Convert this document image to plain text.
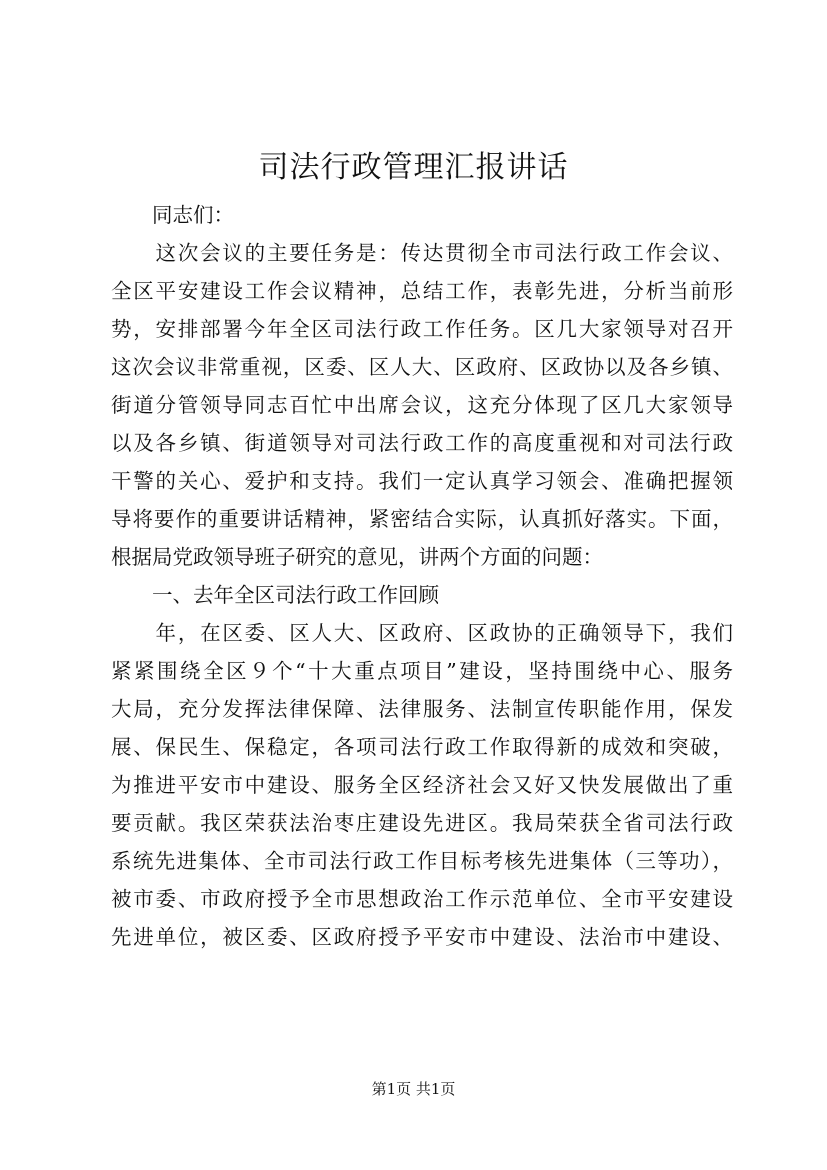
司法行政管理汇报讲话
　　同志们：
　　这次会议的主要任务是：传达贯彻全市司法行政工作会议、
全区平安建设工作会议精神，总结工作，表彰先进，分析当前形
势，安排部署今年全区司法行政工作任务。区几大家领导对召开
这次会议非常重视，区委、区人大、区政府、区政协以及各乡镇、
街道分管领导同志百忙中出席会议，这充分体现了区几大家领导
以及各乡镇、街道领导对司法行政工作的高度重视和对司法行政
干警的关心、爱护和支持。我们一定认真学习领会、准确把握领
导将要作的重要讲话精神，紧密结合实际，认真抓好落实。下面，
根据局党政领导班子研究的意见，讲两个方面的问题：
　　一、去年全区司法行政工作回顾
　　年，在区委、区人大、区政府、区政协的正确领导下，我们
紧紧围绕全区９个“十大重点项目”建设，坚持围绕中心、服务
大局，充分发挥法律保障、法律服务、法制宣传职能作用，保发
展、保民生、保稳定，各项司法行政工作取得新的成效和突破，
为推进平安市中建设、服务全区经济社会又好又快发展做出了重
要贡献。我区荣获法治枣庄建设先进区。我局荣获全省司法行政
系统先进集体、全市司法行政工作目标考核先进集体（三等功），
被市委、市政府授予全市思想政治工作示范单位、全市平安建设
先进单位，被区委、区政府授予平安市中建设、法治市中建设、
第1页 共1页
